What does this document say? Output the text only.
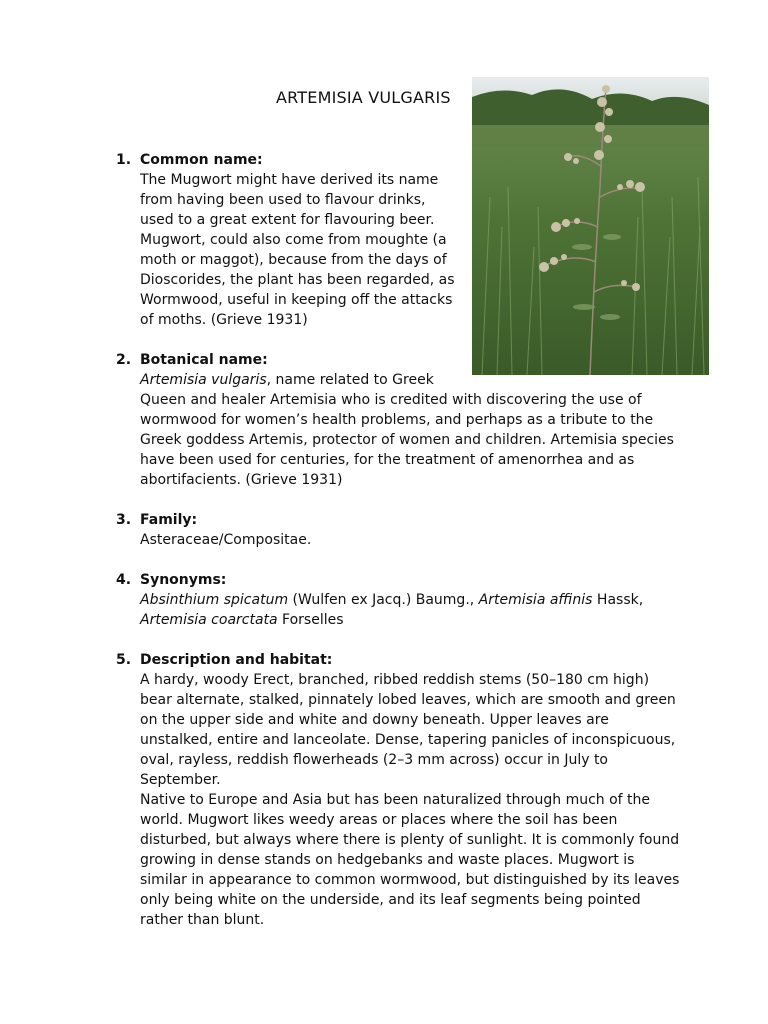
ARTEMISIA VULGARIS
1. Common name:
The Mugwort might have derived its name
from having been used to flavour drinks,
used to a great extent for flavouring beer.
Mugwort, could also come from moughte (a
moth or maggot), because from the days of
Dioscorides, the plant has been regarded, as
Wormwood, useful in keeping off the attacks
of moths. (Grieve 1931)
2. Botanical name:
Artemisia vulgaris, name related to Greek
Queen and healer Artemisia who is credited with discovering the use of
wormwood for women’s health problems, and perhaps as a tribute to the
Greek goddess Artemis, protector of women and children. Artemisia species
have been used for centuries, for the treatment of amenorrhea and as
abortifacients. (Grieve 1931)
3. Family:
Asteraceae/Compositae.
4. Synonyms:
Absinthium spicatum (Wulfen ex Jacq.) Baumg., Artemisia affinis Hassk,
Artemisia coarctata Forselles
5. Description and habitat:
A hardy, woody Erect, branched, ribbed reddish stems (50–180 cm high)
bear alternate, stalked, pinnately lobed leaves, which are smooth and green
on the upper side and white and downy beneath. Upper leaves are
unstalked, entire and lanceolate. Dense, tapering panicles of inconspicuous,
oval, rayless, reddish flowerheads (2–3 mm across) occur in July to
September.
Native to Europe and Asia but has been naturalized through much of the
world. Mugwort likes weedy areas or places where the soil has been
disturbed, but always where there is plenty of sunlight. It is commonly found
growing in dense stands on hedgebanks and waste places. Mugwort is
similar in appearance to common wormwood, but distinguished by its leaves
only being white on the underside, and its leaf segments being pointed
rather than blunt.
